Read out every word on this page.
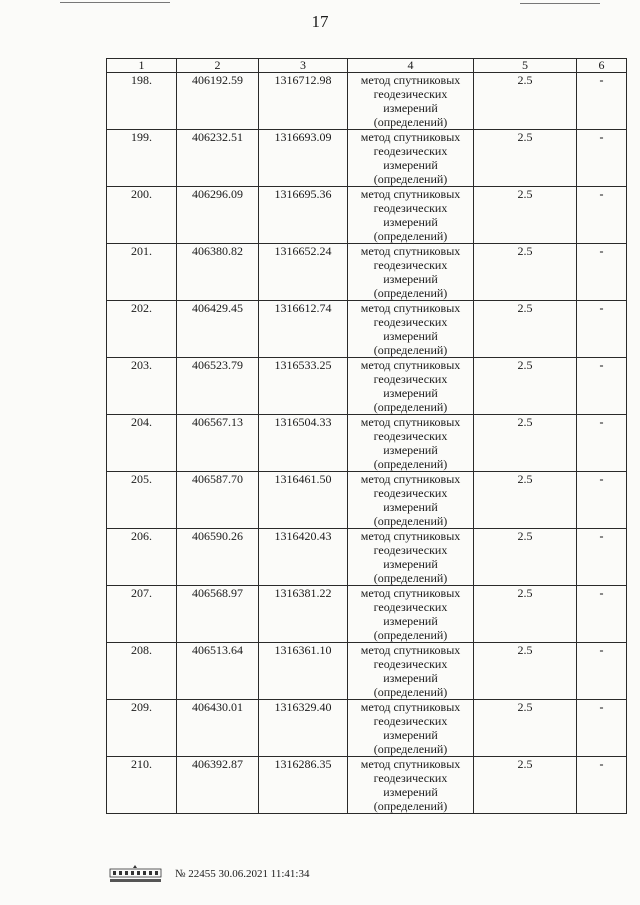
17
1	2	3	4	5	6
198.	406192.59	1316712.98	метод спутниковых
геодезических
измерений
(определений)	2.5	-
199.	406232.51	1316693.09	метод спутниковых
геодезических
измерений
(определений)	2.5	-
200.	406296.09	1316695.36	метод спутниковых
геодезических
измерений
(определений)	2.5	-
201.	406380.82	1316652.24	метод спутниковых
геодезических
измерений
(определений)	2.5	-
202.	406429.45	1316612.74	метод спутниковых
геодезических
измерений
(определений)	2.5	-
203.	406523.79	1316533.25	метод спутниковых
геодезических
измерений
(определений)	2.5	-
204.	406567.13	1316504.33	метод спутниковых
геодезических
измерений
(определений)	2.5	-
205.	406587.70	1316461.50	метод спутниковых
геодезических
измерений
(определений)	2.5	-
206.	406590.26	1316420.43	метод спутниковых
геодезических
измерений
(определений)	2.5	-
207.	406568.97	1316381.22	метод спутниковых
геодезических
измерений
(определений)	2.5	-
208.	406513.64	1316361.10	метод спутниковых
геодезических
измерений
(определений)	2.5	-
209.	406430.01	1316329.40	метод спутниковых
геодезических
измерений
(определений)	2.5	-
210.	406392.87	1316286.35	метод спутниковых
геодезических
измерений
(определений)	2.5	-
№ 22455 30.06.2021 11:41:34
